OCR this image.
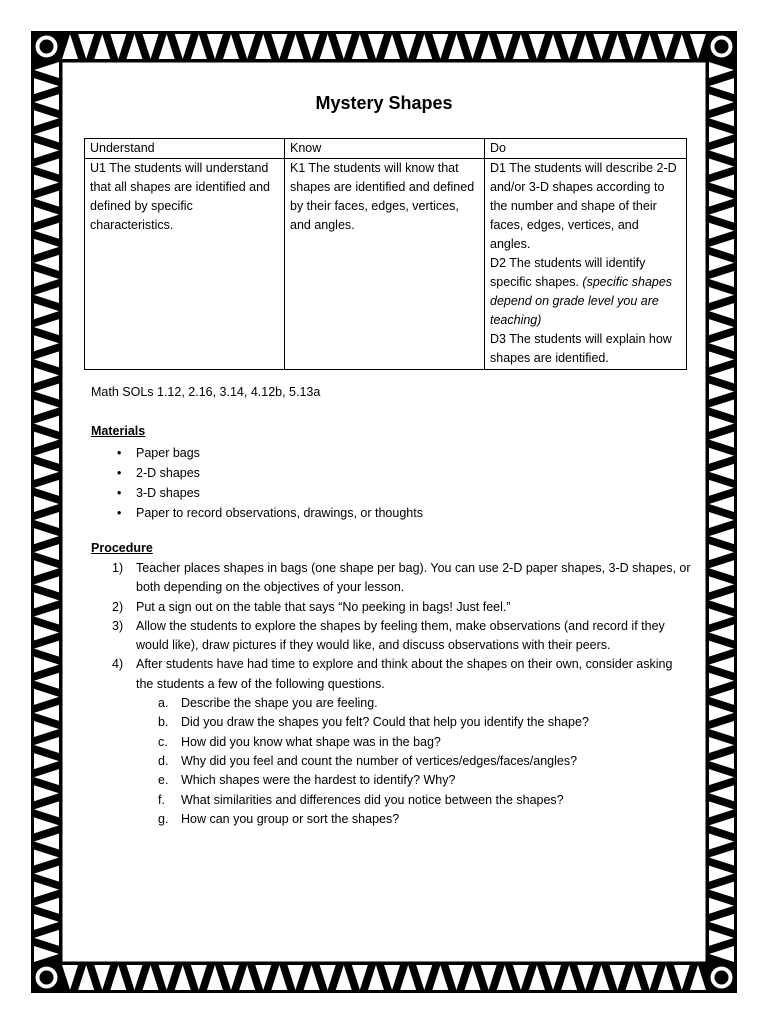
Mystery Shapes
Understand	Know	Do
U1 The students will understand that all shapes are identified and defined by specific characteristics.	K1 The students will know that shapes are identified and defined by their faces, edges, vertices, and angles.	D1 The students will describe 2-D and/or 3-D shapes according to the number and shape of their faces, edges, vertices, and angles.
D2 The students will identify specific shapes. (specific shapes depend on grade level you are teaching)
D3 The students will explain how shapes are identified.
Math SOLs 1.12, 2.16, 3.14, 4.12b, 5.13a
Materials
• Paper bags
• 2-D shapes
• 3-D shapes
• Paper to record observations, drawings, or thoughts
Procedure
1) Teacher places shapes in bags (one shape per bag). You can use 2-D paper shapes, 3-D shapes, or both depending on the objectives of your lesson.
2) Put a sign out on the table that says “No peeking in bags! Just feel.”
3) Allow the students to explore the shapes by feeling them, make observations (and record if they would like), draw pictures if they would like, and discuss observations with their peers.
4) After students have had time to explore and think about the shapes on their own, consider asking the students a few of the following questions.
a. Describe the shape you are feeling.
b. Did you draw the shapes you felt? Could that help you identify the shape?
c. How did you know what shape was in the bag?
d. Why did you feel and count the number of vertices/edges/faces/angles?
e. Which shapes were the hardest to identify? Why?
f. What similarities and differences did you notice between the shapes?
g. How can you group or sort the shapes?
